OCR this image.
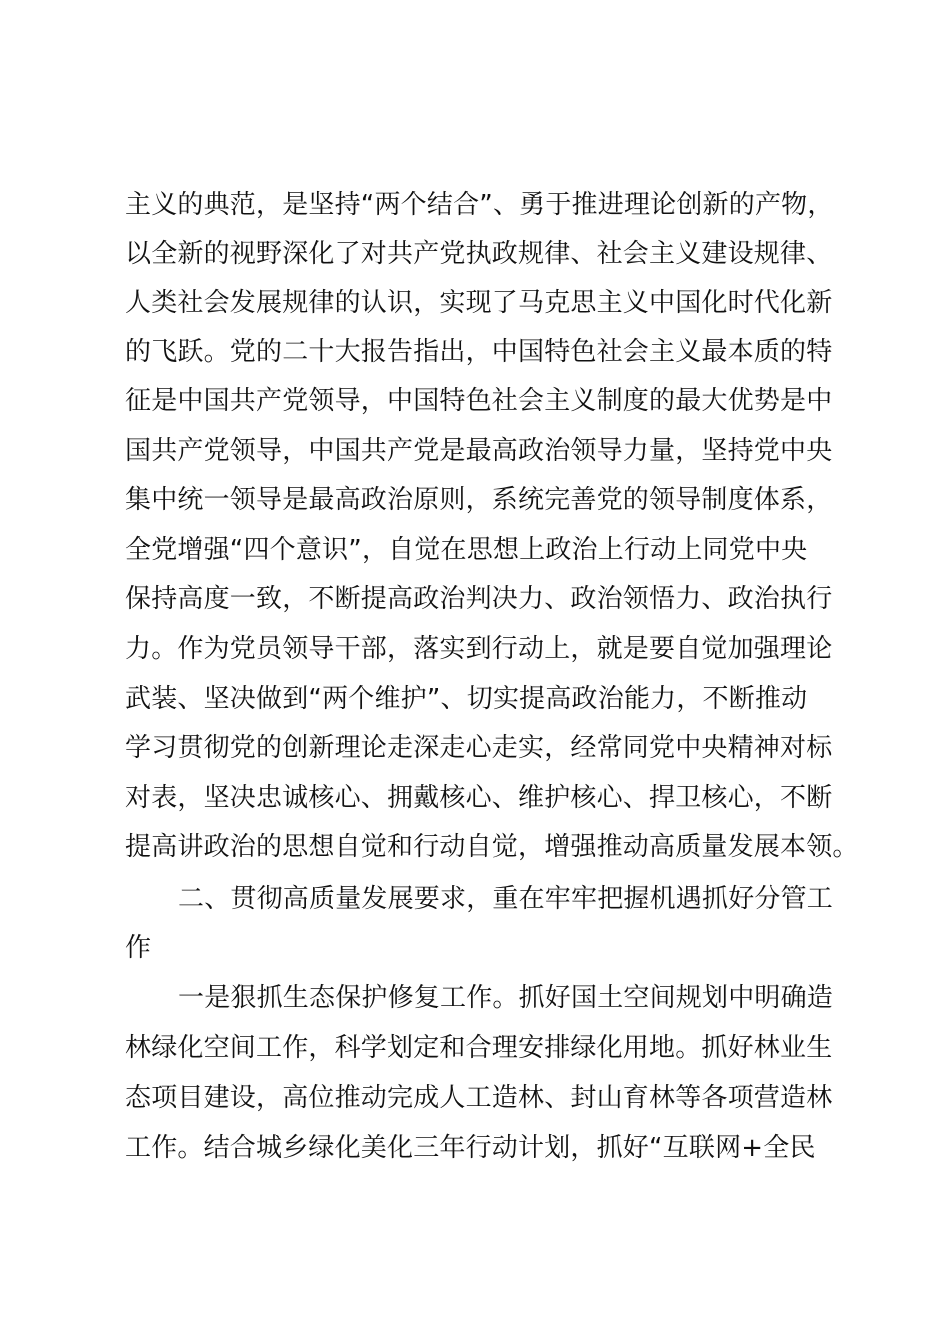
主义的典范，是坚持“两个结合”、勇于推进理论创新的产物，
以全新的视野深化了对共产党执政规律、社会主义建设规律、
人类社会发展规律的认识，实现了马克思主义中国化时代化新
的飞跃。党的二十大报告指出，中国特色社会主义最本质的特
征是中国共产党领导，中国特色社会主义制度的最大优势是中
国共产党领导，中国共产党是最高政治领导力量，坚持党中央
集中统一领导是最高政治原则，系统完善党的领导制度体系，
全党增强“四个意识”，自觉在思想上政治上行动上同党中央
保持高度一致，不断提高政治判决力、政治领悟力、政治执行
力。作为党员领导干部，落实到行动上，就是要自觉加强理论
武装、坚决做到“两个维护”、切实提高政治能力，不断推动
学习贯彻党的创新理论走深走心走实，经常同党中央精神对标
对表，坚决忠诚核心、拥戴核心、维护核心、捍卫核心，不断
提高讲政治的思想自觉和行动自觉，增强推动高质量发展本领。
二、贯彻高质量发展要求，重在牢牢把握机遇抓好分管工
作
一是狠抓生态保护修复工作。抓好国土空间规划中明确造
林绿化空间工作，科学划定和合理安排绿化用地。抓好林业生
态项目建设，高位推动完成人工造林、封山育林等各项营造林
工作。结合城乡绿化美化三年行动计划，抓好“互联网+全民
